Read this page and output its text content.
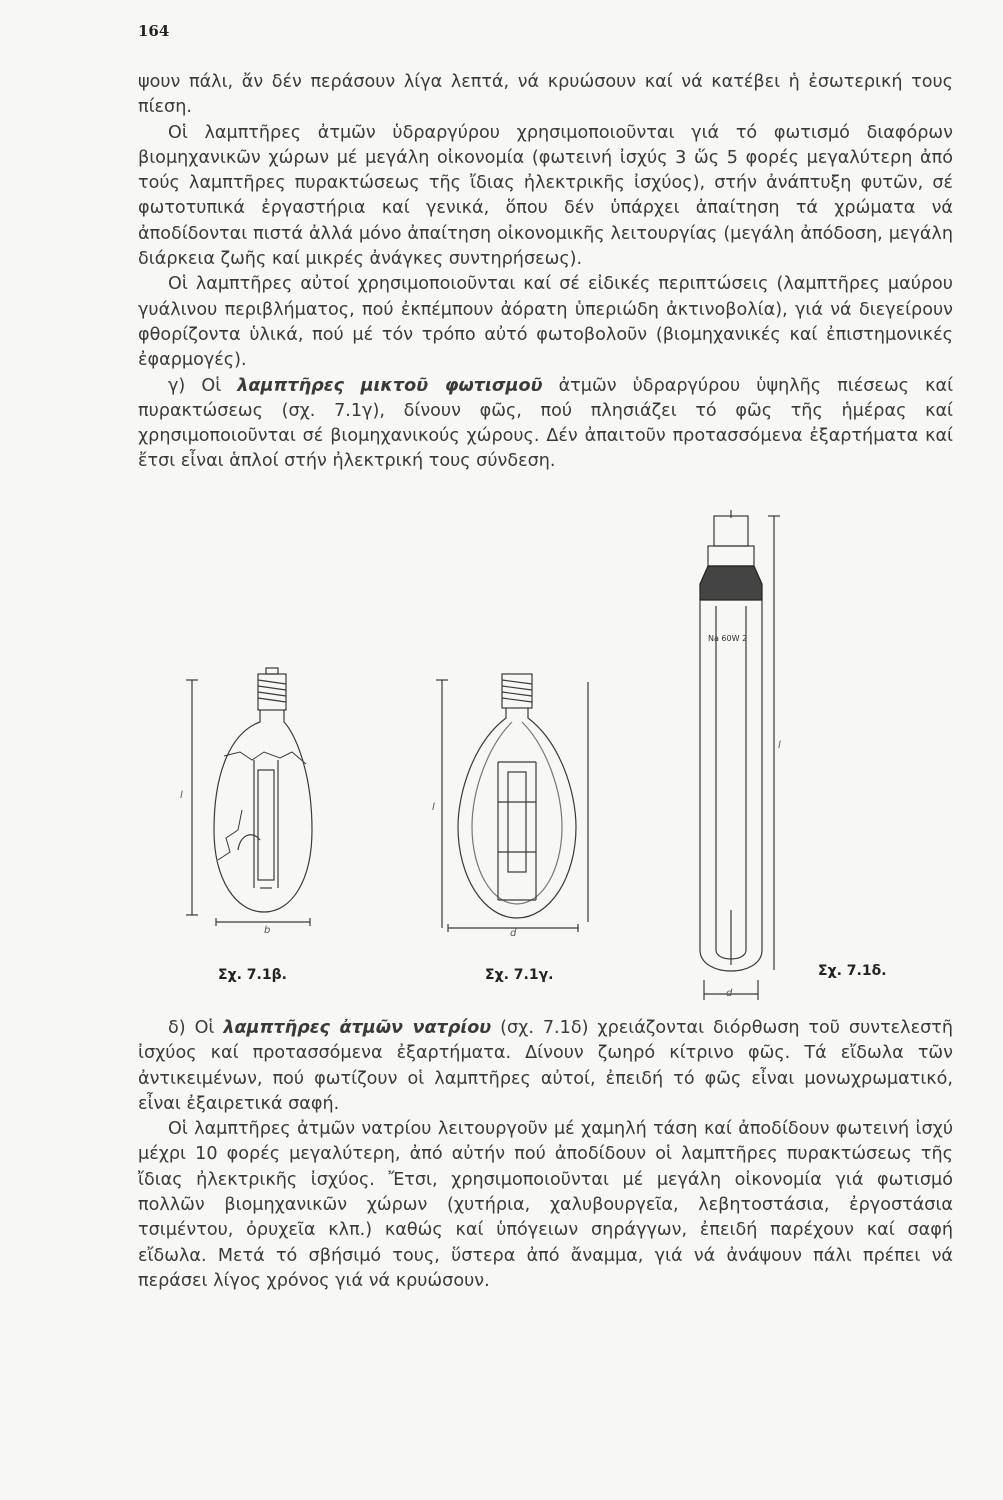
164

ψουν πάλι, ἄν δέν περάσουν λίγα λεπτά, νά κρυώσουν καί νά κατέβει ἡ ἐσωτερική τους πίεση.

Οἱ λαμπτῆρες ἀτμῶν ὑδραργύρου χρησιμοποιοῦνται γιά τό φωτισμό διαφόρων βιομηχανικῶν χώρων μέ μεγάλη οἰκονομία (φωτεινή ἰσχύς 3 ὥς 5 φορές μεγαλύτερη ἀπό τούς λαμπτῆρες πυρακτώσεως τῆς ἴδιας ἠλεκτρικῆς ἰσχύος), στήν ἀνάπτυξη φυτῶν, σέ φωτοτυπικά ἐργαστήρια καί γενικά, ὅπου δέν ὑπάρχει ἀπαίτηση τά χρώματα νά ἀποδίδονται πιστά ἀλλά μόνο ἀπαίτηση οἰκονομικῆς λειτουργίας (μεγάλη ἀπόδοση, μεγάλη διάρκεια ζωῆς καί μικρές ἀνάγκες συντηρήσεως).

Οἱ λαμπτῆρες αὐτοί χρησιμοποιοῦνται καί σέ εἰδικές περιπτώσεις (λαμπτῆρες μαύρου γυάλινου περιβλήματος, πού ἐκπέμπουν ἀόρατη ὑπεριώδη ἀκτινοβολία), γιά νά διεγείρουν φθορίζοντα ὑλικά, πού μέ τόν τρόπο αὐτό φωτοβολοῦν (βιομηχανικές καί ἐπιστημονικές ἐφαρμογές).

γ) Οἱ λαμπτῆρες μικτοῦ φωτισμοῦ ἀτμῶν ὑδραργύρου ὑψηλῆς πιέσεως καί πυρακτώσεως (σχ. 7.1γ), δίνουν φῶς, πού πλησιάζει τό φῶς τῆς ἡμέρας καί χρησιμοποιοῦνται σέ βιομηχανικούς χώρους. Δέν ἀπαιτοῦν προτασσόμενα ἐξαρτήματα καί ἔτσι εἶναι ἁπλοί στήν ἠλεκτρική τους σύνδεση.

b
l
Σχ. 7.1β.
d
l
Σχ. 7.1γ.
Na 60W 2
d
l
Σχ. 7.1δ.

δ) Οἱ λαμπτῆρες ἀτμῶν νατρίου (σχ. 7.1δ) χρειάζονται διόρθωση τοῦ συντελεστῆ ἰσχύος καί προτασσόμενα ἐξαρτήματα. Δίνουν ζωηρό κίτρινο φῶς. Τά εἴδωλα τῶν ἀντικειμένων, πού φωτίζουν οἱ λαμπτῆρες αὐτοί, ἐπειδή τό φῶς εἶναι μονωχρωματικό, εἶναι ἐξαιρετικά σαφή.

Οἱ λαμπτῆρες ἀτμῶν νατρίου λειτουργοῦν μέ χαμηλή τάση καί ἀποδίδουν φωτεινή ἰσχύ μέχρι 10 φορές μεγαλύτερη, ἀπό αὐτήν πού ἀποδίδουν οἱ λαμπτῆρες πυρακτώσεως τῆς ἴδιας ἠλεκτρικῆς ἰσχύος. Ἔτσι, χρησιμοποιοῦνται μέ μεγάλη οἰκονομία γιά φωτισμό πολλῶν βιομηχανικῶν χώρων (χυτήρια, χαλυβουργεῖα, λεβητοστάσια, ἐργοστάσια τσιμέντου, ὀρυχεῖα κλπ.) καθώς καί ὑπόγειων σηράγγων, ἐπειδή παρέχουν καί σαφή εἴδωλα. Μετά τό σβήσιμό τους, ὕστερα ἀπό ἄναμμα, γιά νά ἀνάψουν πάλι πρέπει νά περάσει λίγος χρόνος γιά νά κρυώσουν.
